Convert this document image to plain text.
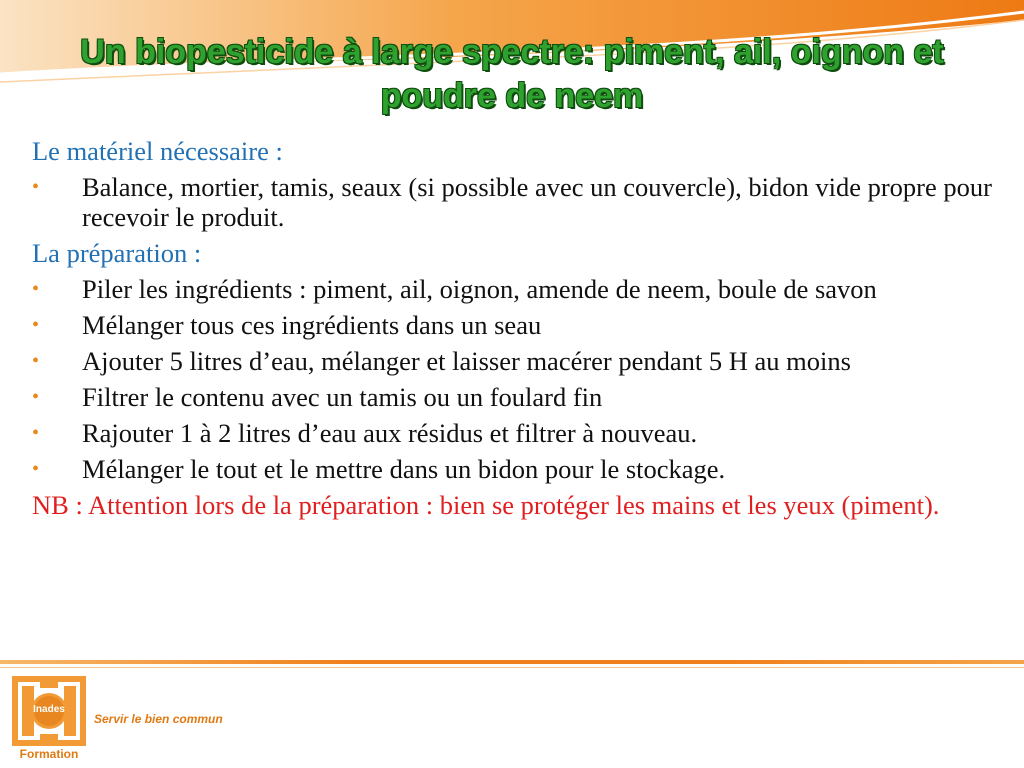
Un biopesticide à large spectre: piment, ail, oignon et poudre de neem

Le matériel nécessaire :

• Balance, mortier, tamis, seaux (si possible avec un couvercle), bidon vide propre pour recevoir le produit.

La préparation :

• Piler les ingrédients : piment, ail, oignon, amende de neem, boule de savon
• Mélanger tous ces ingrédients dans un seau
• Ajouter 5 litres d’eau, mélanger et laisser macérer pendant 5 H au moins
• Filtrer le contenu avec un tamis ou un foulard fin
• Rajouter 1 à 2 litres d’eau aux résidus et filtrer à nouveau.
• Mélanger le tout et le mettre dans un bidon pour le stockage.

NB : Attention lors de la préparation : bien se protéger les mains et les yeux (piment).

Inades
Formation
Servir le bien commun
